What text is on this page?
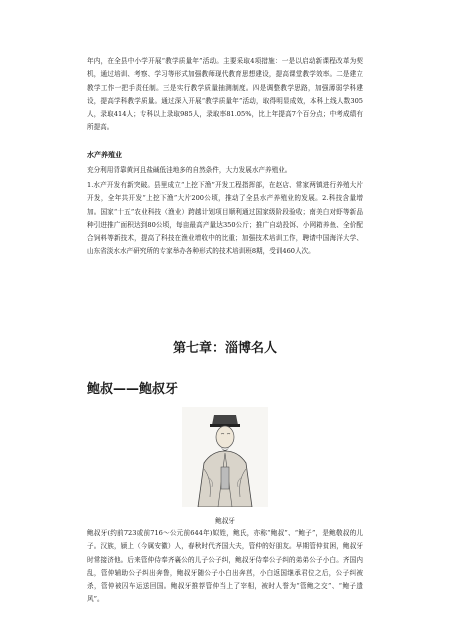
年内，在全县中小学开展“教学质量年”活动。主要采取4项措施：一是以启动新课程改革为契机，通过培训、考察、学习等形式加强教师现代教育思想建设，提高课堂教学效率。二是建立教学工作一把手责任制。三是实行教学质量抽测制度。四是调整教学思路，加强薄弱学科建设，提高学科教学质量。通过深入开展“教学质量年”活动，取得明显成效，本科上线人数305人，录取414人；专科以上录取985人，录取率81.05%，比上年提高7个百分点；中考成绩有所提高。

水产养殖业

充分利用背靠黄河且盐碱低洼地多的自然条件，大力发展水产养殖业。

1.水产开发有新突破。县里成立“上挖下渔”开发工程指挥部，在赵店、常家两镇进行养殖大片开发，全年共开发“上挖下渔”大片200公顷，推动了全县水产养殖业的发展。2.科技含量增加。国家“十五”农业科技（渔业）跨越计划项目顺利通过国家级阶段验收；南美白对虾等新品种引进推广面积达到80公顷，每亩最高产量达350公斤；推广自动投饵、小网箱养鱼、全价配合饲料等新技术，提高了科技在渔业增收中的比重；加强技术培训工作，聘请中国海洋大学、山东省淡水水产研究所的专家举办各种形式的技术培训班8期，受训460人次。

第七章：淄博名人
鲍叔——鲍叔牙

鲍叔牙

鲍叔牙(约前723或前716～公元前644年)姒姓，鲍氏，亦称“鲍叔”、“鲍子”，是鲍敬叔的儿子。汉族，颍上（今属安徽）人，春秋时代齐国大夫，管仲的好朋友。早期管仲贫困，鲍叔牙时常接济他。后来管仲侍奉齐襄公的儿子公子纠，鲍叔牙侍奉公子纠的弟弟公子小白。齐国内乱，管仲辅助公子纠出奔鲁，鲍叔牙随公子小白出奔莒，小白返国继承君位之后，公子纠被杀，管仲被囚车运送回国。鲍叔牙推荐管仲当上了宰相，被时人誉为“管鲍之交”、“鲍子遗风”。
